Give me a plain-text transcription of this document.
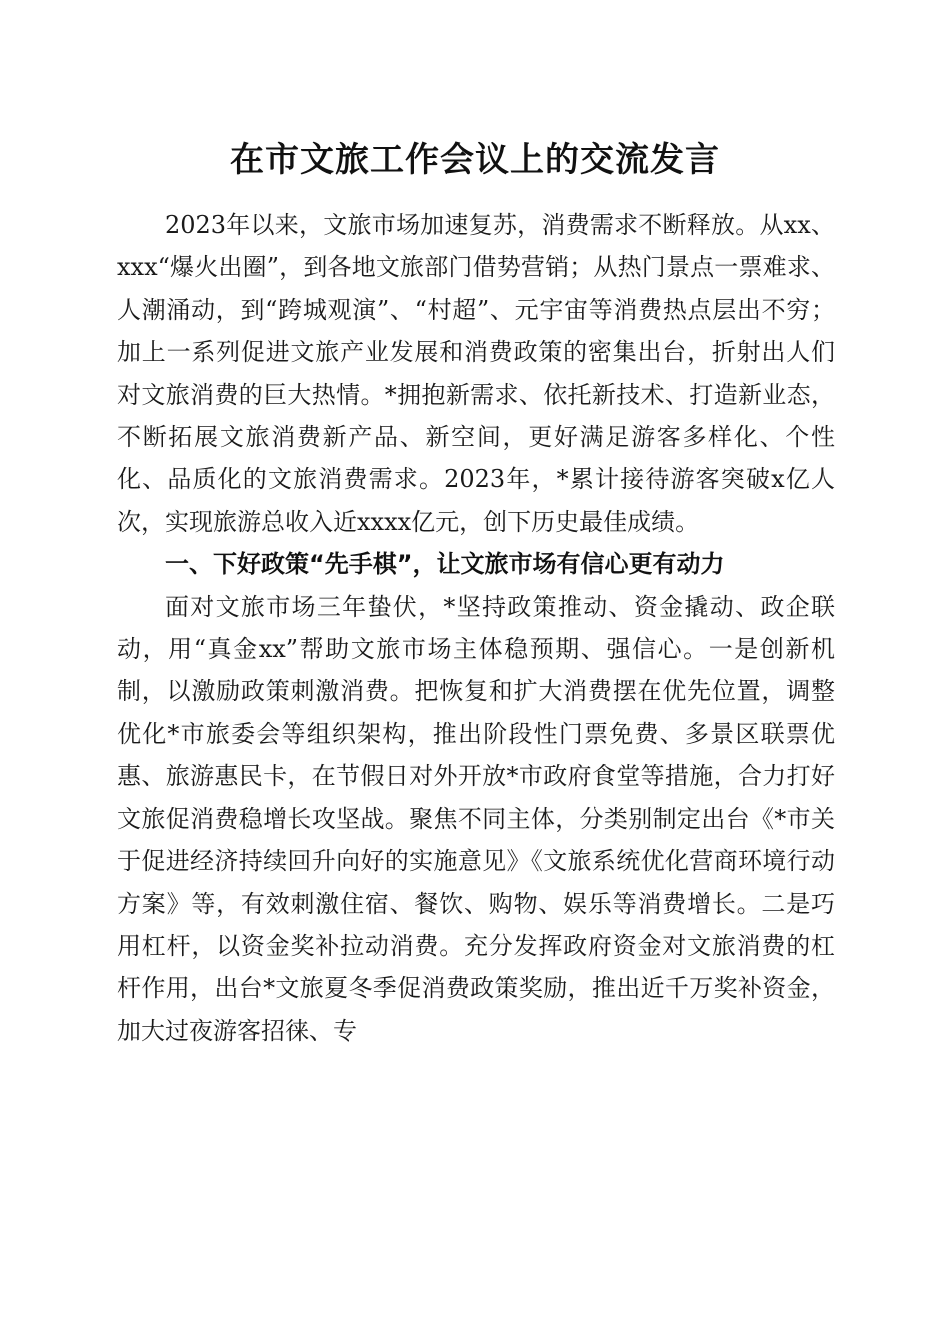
在市文旅工作会议上的交流发言

2023年以来，文旅市场加速复苏，消费需求不断释放。从xx、xxx“爆火出圈”，到各地文旅部门借势营销；从热门景点一票难求、人潮涌动，到“跨城观演”、“村超”、元宇宙等消费热点层出不穷；加上一系列促进文旅产业发展和消费政策的密集出台，折射出人们对文旅消费的巨大热情。*拥抱新需求、依托新技术、打造新业态，不断拓展文旅消费新产品、新空间，更好满足游客多样化、个性化、品质化的文旅消费需求。2023年，*累计接待游客突破x亿人次，实现旅游总收入近xxxx亿元，创下历史最佳成绩。

一、下好政策“先手棋”，让文旅市场有信心更有动力

面对文旅市场三年蛰伏，*坚持政策推动、资金撬动、政企联动，用“真金xx”帮助文旅市场主体稳预期、强信心。一是创新机制，以激励政策刺激消费。把恢复和扩大消费摆在优先位置，调整优化*市旅委会等组织架构，推出阶段性门票免费、多景区联票优惠、旅游惠民卡，在节假日对外开放*市政府食堂等措施，合力打好文旅促消费稳增长攻坚战。聚焦不同主体，分类别制定出台《*市关于促进经济持续回升向好的实施意见》《文旅系统优化营商环境行动方案》等，有效刺激住宿、餐饮、购物、娱乐等消费增长。二是巧用杠杆，以资金奖补拉动消费。充分发挥政府资金对文旅消费的杠杆作用，出台*文旅夏冬季促消费政策奖励，推出近千万奖补资金，加大过夜游客招徕、专
